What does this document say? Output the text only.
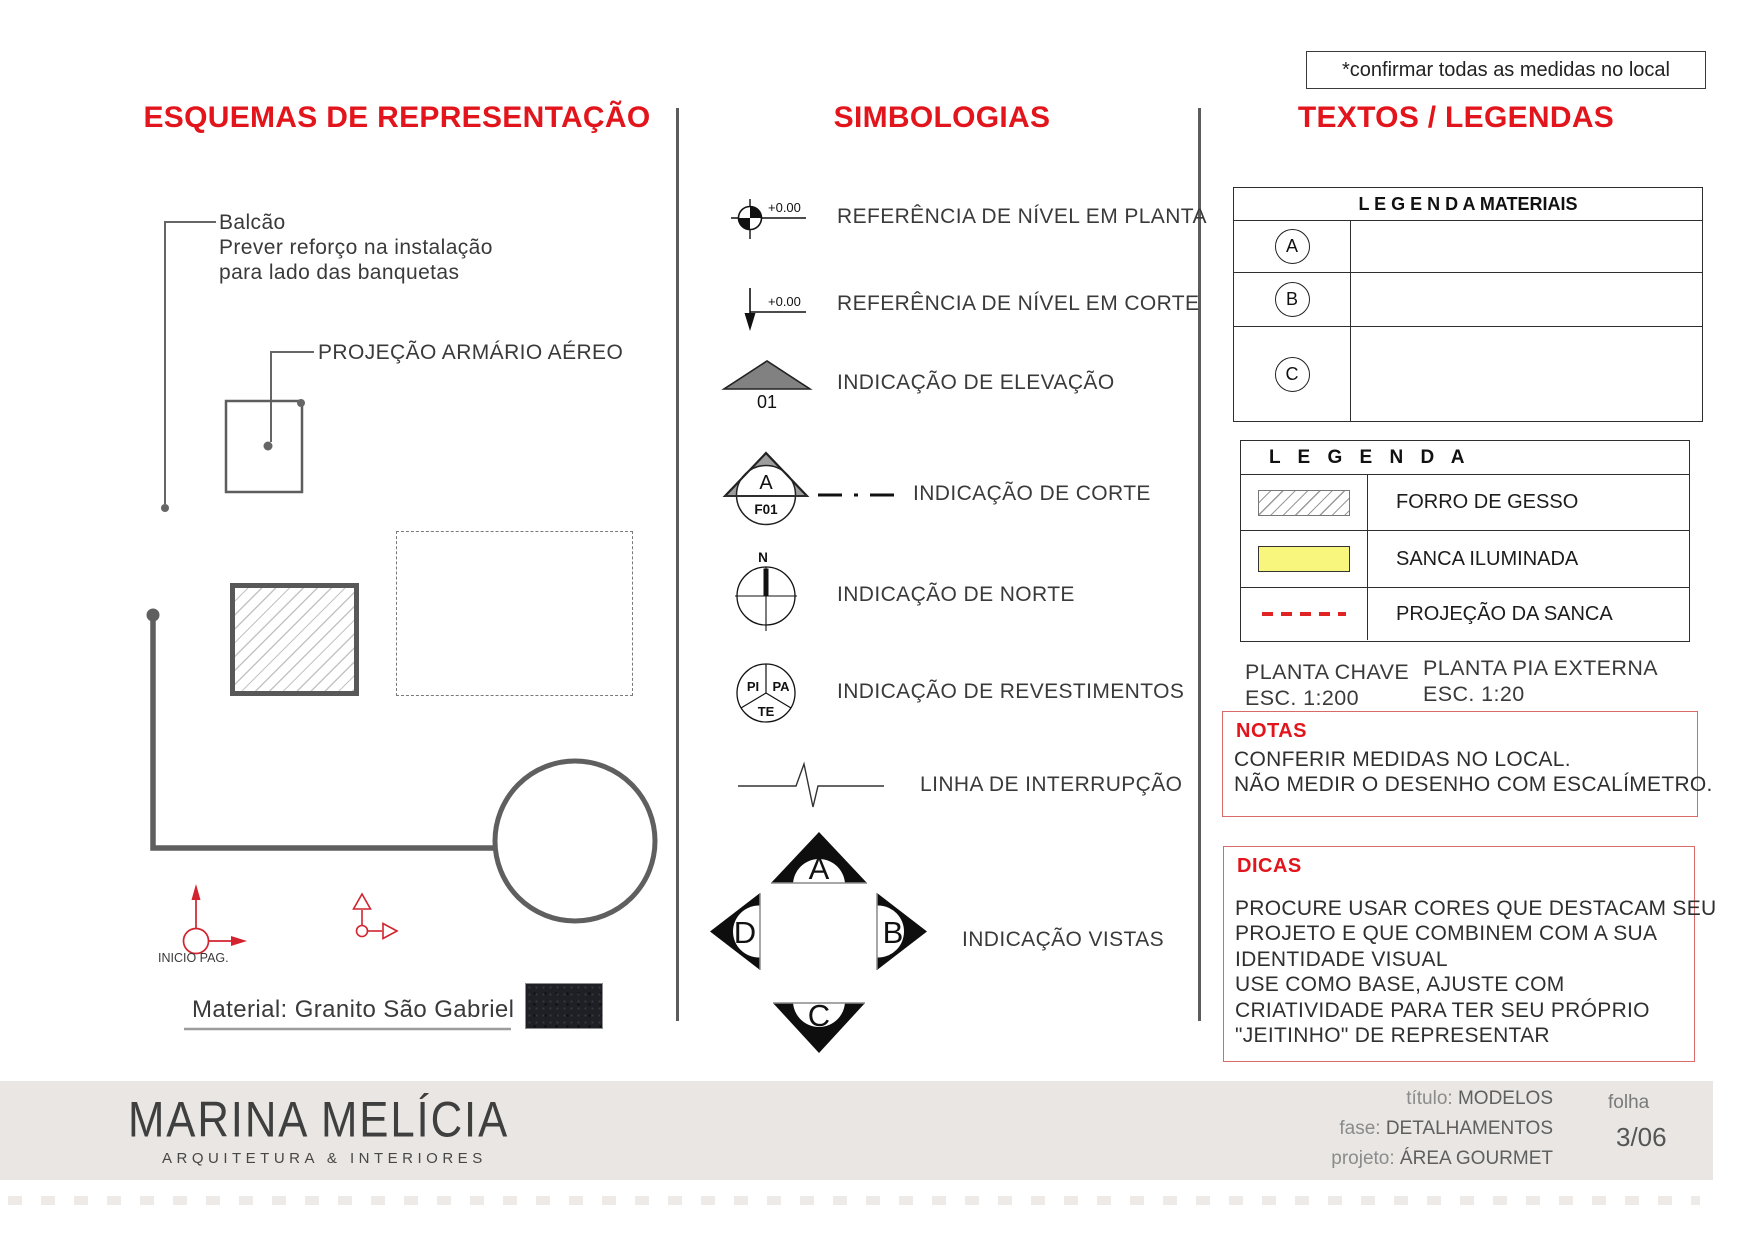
ESQUEMAS DE REPRESENTAÇÃO	SIMBOLOGIAS	TEXTOS / LEGENDAS
*confirmar todas as medidas no local
+0.00
+0.00
01
A
F01
N
PI PA
TE
A
D	B
C
Balcão
Prever reforço na instalação
para lado das banquetas
PROJEÇÃO ARMÁRIO AÉREO
INICIO PAG.
Material: Granito São Gabriel
REFERÊNCIA DE NÍVEL EM PLANTA
REFERÊNCIA DE NÍVEL EM CORTE
INDICAÇÃO DE ELEVAÇÃO
INDICAÇÃO DE CORTE
INDICAÇÃO DE NORTE
INDICAÇÃO DE REVESTIMENTOS
LINHA DE INTERRUPÇÃO
INDICAÇÃO VISTAS
L E G E N D A MATERIAIS
A
B
C
L E G E N D A
FORRO DE GESSO
SANCA ILUMINADA
PROJEÇÃO DA SANCA
PLANTA CHAVE
ESC. 1:200
PLANTA PIA EXTERNA
ESC. 1:20
NOTAS
CONFERIR MEDIDAS NO LOCAL.
NÃO MEDIR O DESENHO COM ESCALÍMETRO.
DICAS
PROCURE USAR CORES QUE DESTACAM SEU
PROJETO E QUE COMBINEM COM A SUA
IDENTIDADE VISUAL
USE COMO BASE, AJUSTE COM
CRIATIVIDADE PARA TER SEU PRÓPRIO
"JEITINHO" DE REPRESENTAR
MARINA MELÍCIA
ARQUITETURA & INTERIORES
título: MODELOS
fase: DETALHAMENTOS
projeto: ÁREA GOURMET
folha
3/06
